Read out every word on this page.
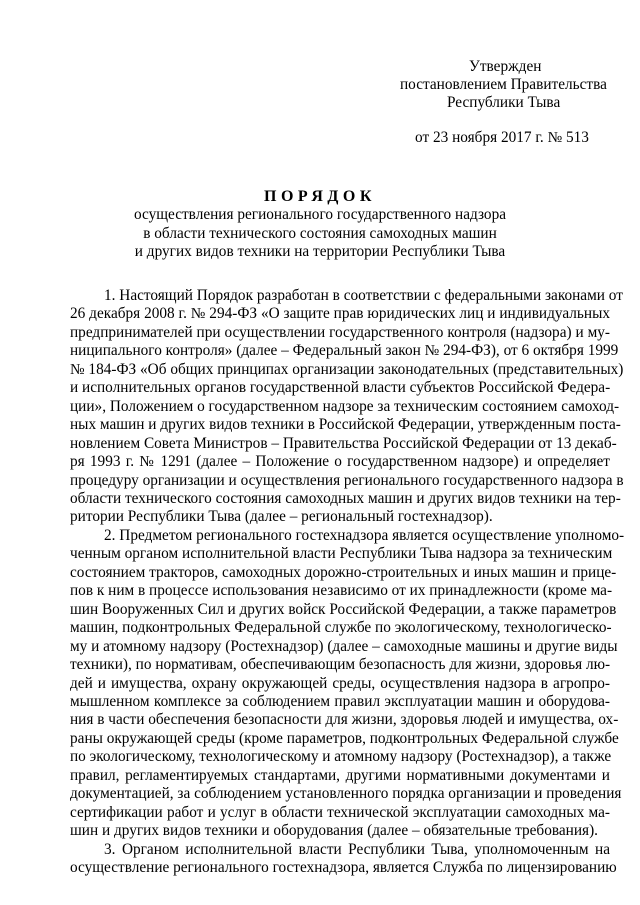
Утвержден
постановлением Правительства
Республики Тыва
от 23 ноября 2017 г. № 513
ПОРЯДОК
осуществления регионального государственного надзора
в области технического состояния самоходных машин
и других видов техники на территории Республики Тыва
1. Настоящий Порядок разработан в соответствии с федеральными законами от
26 декабря 2008 г. № 294-ФЗ «О защите прав юридических лиц и индивидуальных
предпринимателей при осуществлении государственного контроля (надзора) и му-
ниципального контроля» (далее – Федеральный закон № 294-ФЗ), от 6 октября 1999
№ 184-ФЗ «Об общих принципах организации законодательных (представительных)
и исполнительных органов государственной власти субъектов Российской Федера-
ции», Положением о государственном надзоре за техническим состоянием самоход-
ных машин и других видов техники в Российской Федерации, утвержденным поста-
новлением Совета Министров – Правительства Российской Федерации от 13 декаб-
ря 1993 г. № 1291 (далее – Положение о государственном надзоре) и определяет
процедуру организации и осуществления регионального государственного надзора в
области технического состояния самоходных машин и других видов техники на тер-
ритории Республики Тыва (далее – региональный гостехнадзор).
2. Предметом регионального гостехнадзора является осуществление уполномо-
ченным органом исполнительной власти Республики Тыва надзора за техническим
состоянием тракторов, самоходных дорожно-строительных и иных машин и прице-
пов к ним в процессе использования независимо от их принадлежности (кроме ма-
шин Вооруженных Сил и других войск Российской Федерации, а также параметров
машин, подконтрольных Федеральной службе по экологическому, технологическо-
му и атомному надзору (Ростехнадзор) (далее – самоходные машины и другие виды
техники), по нормативам, обеспечивающим безопасность для жизни, здоровья лю-
дей и имущества, охрану окружающей среды, осуществления надзора в агропро-
мышленном комплексе за соблюдением правил эксплуатации машин и оборудова-
ния в части обеспечения безопасности для жизни, здоровья людей и имущества, ох-
раны окружающей среды (кроме параметров, подконтрольных Федеральной службе
по экологическому, технологическому и атомному надзору (Ростехнадзор), а также
правил, регламентируемых стандартами, другими нормативными документами и
документацией, за соблюдением установленного порядка организации и проведения
сертификации работ и услуг в области технической эксплуатации самоходных ма-
шин и других видов техники и оборудования (далее – обязательные требования).
3. Органом исполнительной власти Республики Тыва, уполномоченным на
осуществление регионального гостехнадзора, является Служба по лицензированию
